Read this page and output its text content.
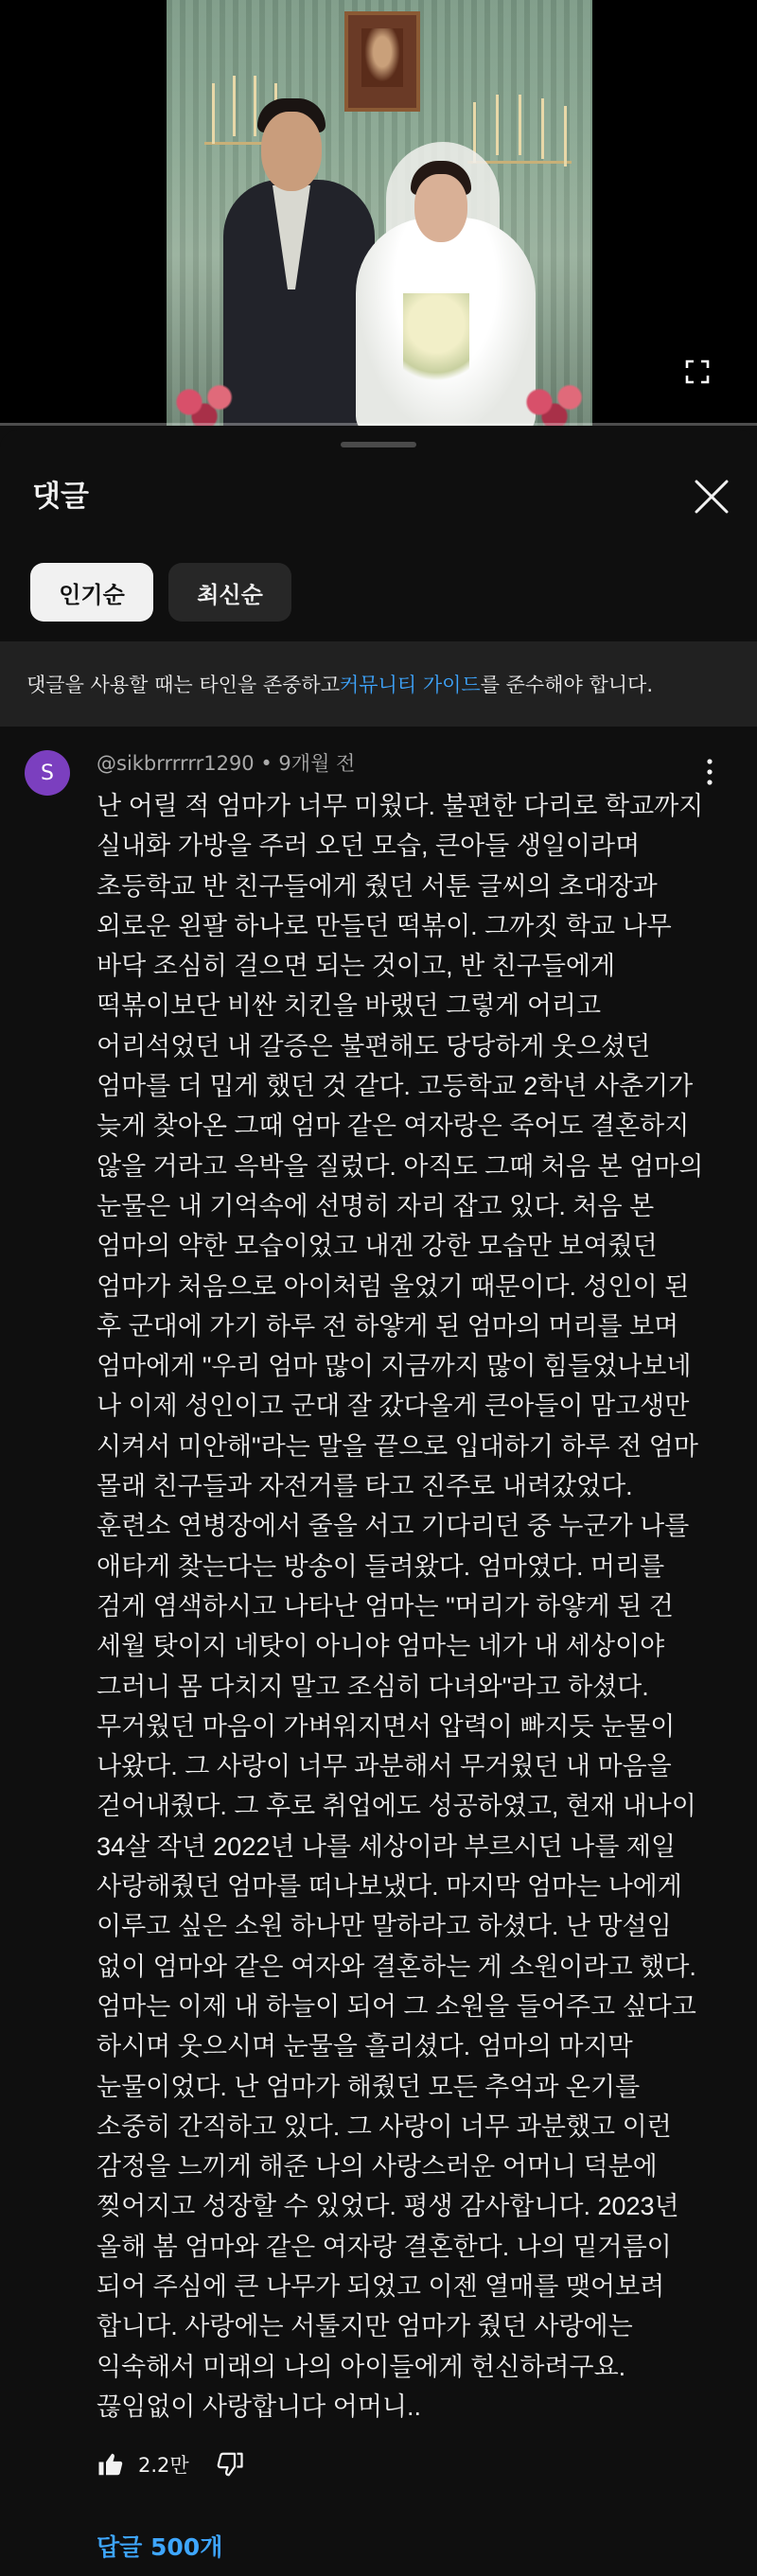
댓글
인기순	최신순
댓글을 사용할 때는 타인을 존중하고 커뮤니티 가이드 를 준수해야 합니다.
S	@sikbrrrrrr1290 • 9개월 전
난 어릴 적 엄마가 너무 미웠다. 불편한 다리로 학교까지
실내화 가방을 주러 오던 모습, 큰아들 생일이라며
초등학교 반 친구들에게 줬던 서툰 글씨의 초대장과
외로운 왼팔 하나로 만들던 떡볶이. 그까짓 학교 나무
바닥 조심히 걸으면 되는 것이고, 반 친구들에게
떡볶이보단 비싼 치킨을 바랬던 그렇게 어리고
어리석었던 내 갈증은 불편해도 당당하게 웃으셨던
엄마를 더 밉게 했던 것 같다. 고등학교 2학년 사춘기가
늦게 찾아온 그때 엄마 같은 여자랑은 죽어도 결혼하지
않을 거라고 윽박을 질렀다. 아직도 그때 처음 본 엄마의
눈물은 내 기억속에 선명히 자리 잡고 있다. 처음 본
엄마의 약한 모습이었고 내겐 강한 모습만 보여줬던
엄마가 처음으로 아이처럼 울었기 때문이다. 성인이 된
후 군대에 가기 하루 전 하얗게 된 엄마의 머리를 보며
엄마에게 "우리 엄마 많이 지금까지 많이 힘들었나보네
나 이제 성인이고 군대 잘 갔다올게 큰아들이 맘고생만
시켜서 미안해"라는 말을 끝으로 입대하기 하루 전 엄마
몰래 친구들과 자전거를 타고 진주로 내려갔었다.
훈련소 연병장에서 줄을 서고 기다리던 중 누군가 나를
애타게 찾는다는 방송이 들려왔다. 엄마였다. 머리를
검게 염색하시고 나타난 엄마는 "머리가 하얗게 된 건
세월 탓이지 네탓이 아니야 엄마는 네가 내 세상이야
그러니 몸 다치지 말고 조심히 다녀와"라고 하셨다.
무거웠던 마음이 가벼워지면서 압력이 빠지듯 눈물이
나왔다. 그 사랑이 너무 과분해서 무거웠던 내 마음을
걷어내줬다. 그 후로 취업에도 성공하였고, 현재 내나이
34살 작년 2022년 나를 세상이라 부르시던 나를 제일
사랑해줬던 엄마를 떠나보냈다. 마지막 엄마는 나에게
이루고 싶은 소원 하나만 말하라고 하셨다. 난 망설임
없이 엄마와 같은 여자와 결혼하는 게 소원이라고 했다.
엄마는 이제 내 하늘이 되어 그 소원을 들어주고 싶다고
하시며 웃으시며 눈물을 흘리셨다. 엄마의 마지막
눈물이었다. 난 엄마가 해줬던 모든 추억과 온기를
소중히 간직하고 있다. 그 사랑이 너무 과분했고 이런
감정을 느끼게 해준 나의 사랑스러운 어머니 덕분에
찢어지고 성장할 수 있었다. 평생 감사합니다. 2023년
올해 봄 엄마와 같은 여자랑 결혼한다. 나의 밑거름이
되어 주심에 큰 나무가 되었고 이젠 열매를 맺어보려
합니다. 사랑에는 서툴지만 엄마가 줬던 사랑에는
익숙해서 미래의 나의 아이들에게 헌신하려구요.
끊임없이 사랑합니다 어머니..
2.2만
답글 500개
